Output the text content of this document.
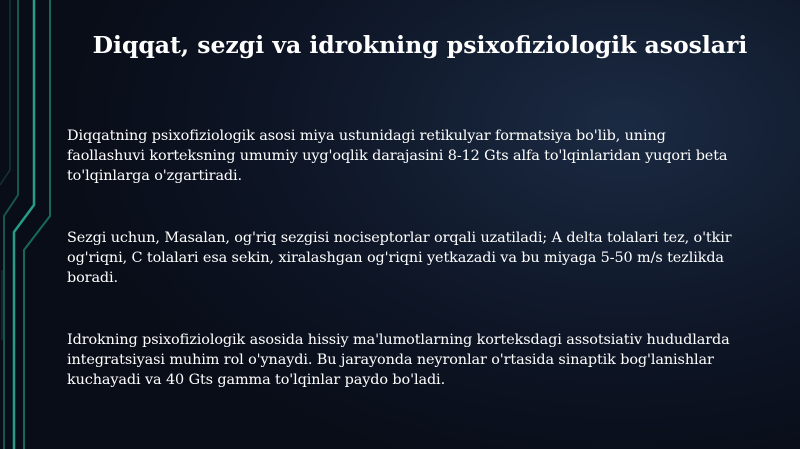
Diqqat, sezgi va idrokning psixofiziologik asoslari

Diqqatning psixofiziologik asosi miya ustunidagi retikulyar formatsiya bo'lib, uning faollashuvi korteksning umumiy uyg'oqlik darajasini 8-12 Gts alfa to'lqinlaridan yuqori beta to'lqinlarga o'zgartiradi.

Sezgi uchun, Masalan, og'riq sezgisi nociseptorlar orqali uzatiladi; A delta tolalari tez, o'tkir og'riqni, C tolalari esa sekin, xiralashgan og'riqni yetkazadi va bu miyaga 5-50 m/s tezlikda boradi.

Idrokning psixofiziologik asosida hissiy ma'lumotlarning korteksdagi assotsiativ hududlarda integratsiyasi muhim rol o'ynaydi. Bu jarayonda neyronlar o'rtasida sinaptik bog'lanishlar kuchayadi va 40 Gts gamma to'lqinlar paydo bo'ladi.
